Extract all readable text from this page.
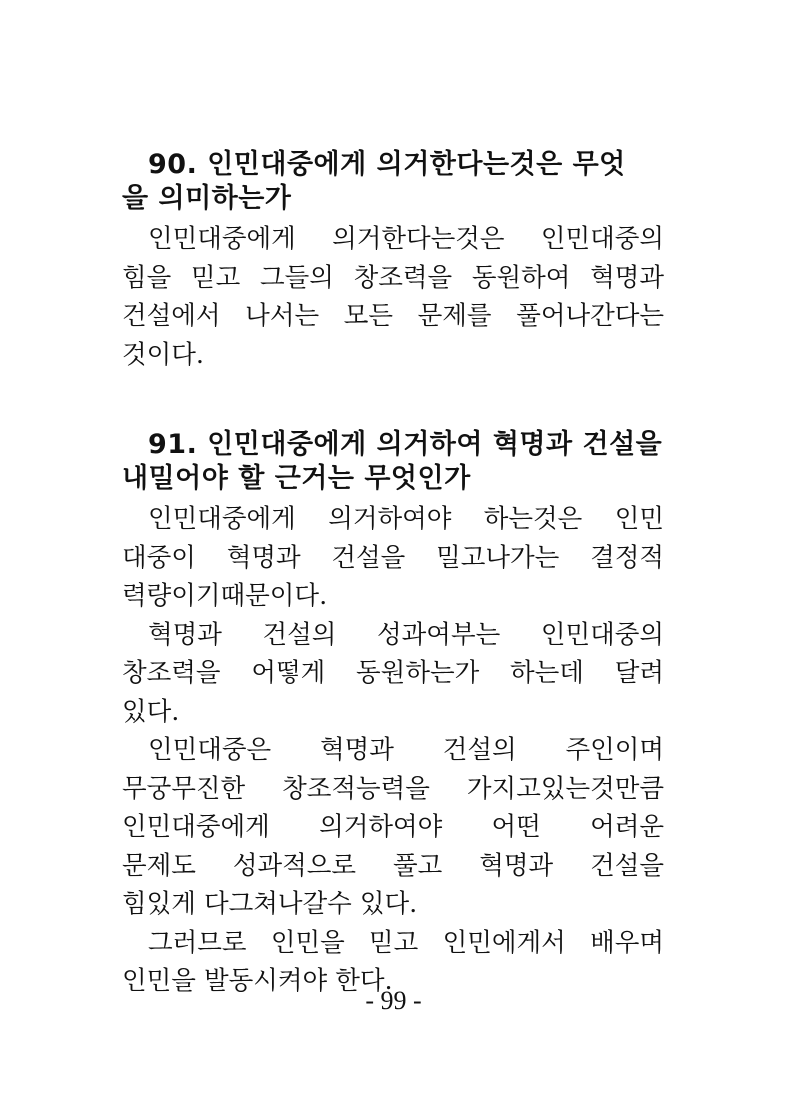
90. 인민대중에게 의거한다는것은 무엇
을 의미하는가

인민대중에게 의거한다는것은 인민대중의
힘을 믿고 그들의 창조력을 동원하여 혁명과
건설에서 나서는 모든 문제를 풀어나간다는
것이다.

91. 인민대중에게 의거하여 혁명과 건설을
내밀어야 할 근거는 무엇인가

인민대중에게 의거하여야 하는것은 인민
대중이 혁명과 건설을 밀고나가는 결정적
력량이기때문이다.

혁명과 건설의 성과여부는 인민대중의
창조력을 어떻게 동원하는가 하는데 달려
있다.

인민대중은 혁명과 건설의 주인이며
무궁무진한 창조적능력을 가지고있는것만큼
인민대중에게 의거하여야 어떤 어려운
문제도 성과적으로 풀고 혁명과 건설을
힘있게 다그쳐나갈수 있다.

그러므로 인민을 믿고 인민에게서 배우며
인민을 발동시켜야 한다.

- 99 -
